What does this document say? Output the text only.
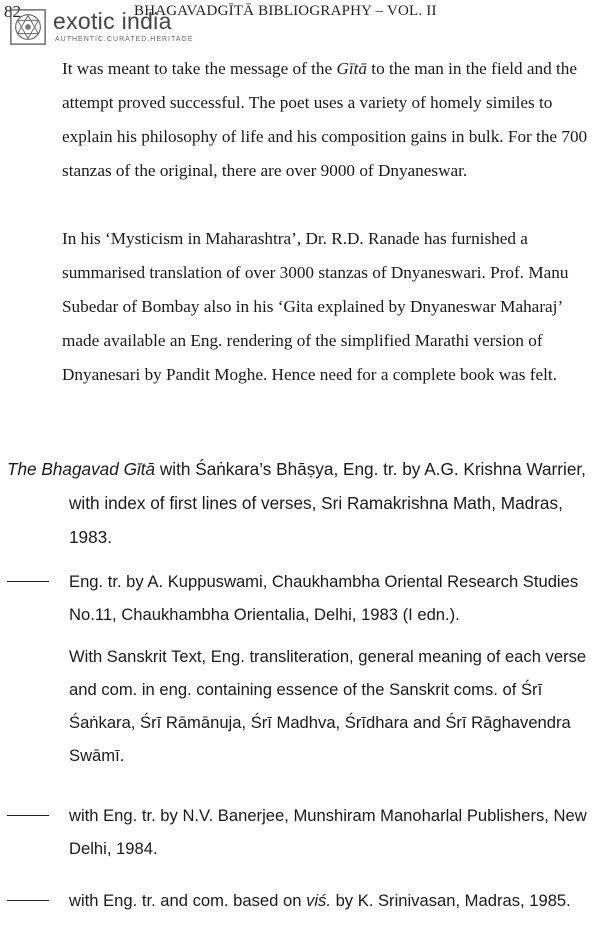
82	BHAGAVADGĪTĀ BIBLIOGRAPHY – VOL. II
exotic india
AUTHENTIC.CURATED.HERITAGE

It was meant to take the message of the Gītā to the man in the field and the attempt proved successful. The poet uses a variety of homely similes to explain his philosophy of life and his composition gains in bulk. For the 700 stanzas of the original, there are over 9000 of Dnyaneswar.

In his ‘Mysticism in Maharashtra’, Dr. R.D. Ranade has furnished a summarised translation of over 3000 stanzas of Dnyaneswari. Prof. Manu Subedar of Bombay also in his ‘Gita explained by Dnyaneswar Maharaj’ made available an Eng. rendering of the simplified Marathi version of Dnyanesari by Pandit Moghe. Hence need for a complete book was felt.

The Bhagavad Gītā with Śaṅkara’s Bhāṣya, Eng. tr. by A.G. Krishna Warrier, with index of first lines of verses, Sri Ramakrishna Math, Madras, 1983.
Eng. tr. by A. Kuppuswami, Chaukhambha Oriental Research Studies No.11, Chaukhambha Orientalia, Delhi, 1983 (I edn.).

With Sanskrit Text, Eng. transliteration, general meaning of each verse and com. in eng. containing essence of the Sanskrit coms. of Śrī Śaṅkara, Śrī Rāmānuja, Śrī Madhva, Śrīdhara and Śrī Rāghavendra Swāmī.

with Eng. tr. by N.V. Banerjee, Munshiram Manoharlal Publishers, New Delhi, 1984.
with Eng. tr. and com. based on viś. by K. Srinivasan, Madras, 1985.
